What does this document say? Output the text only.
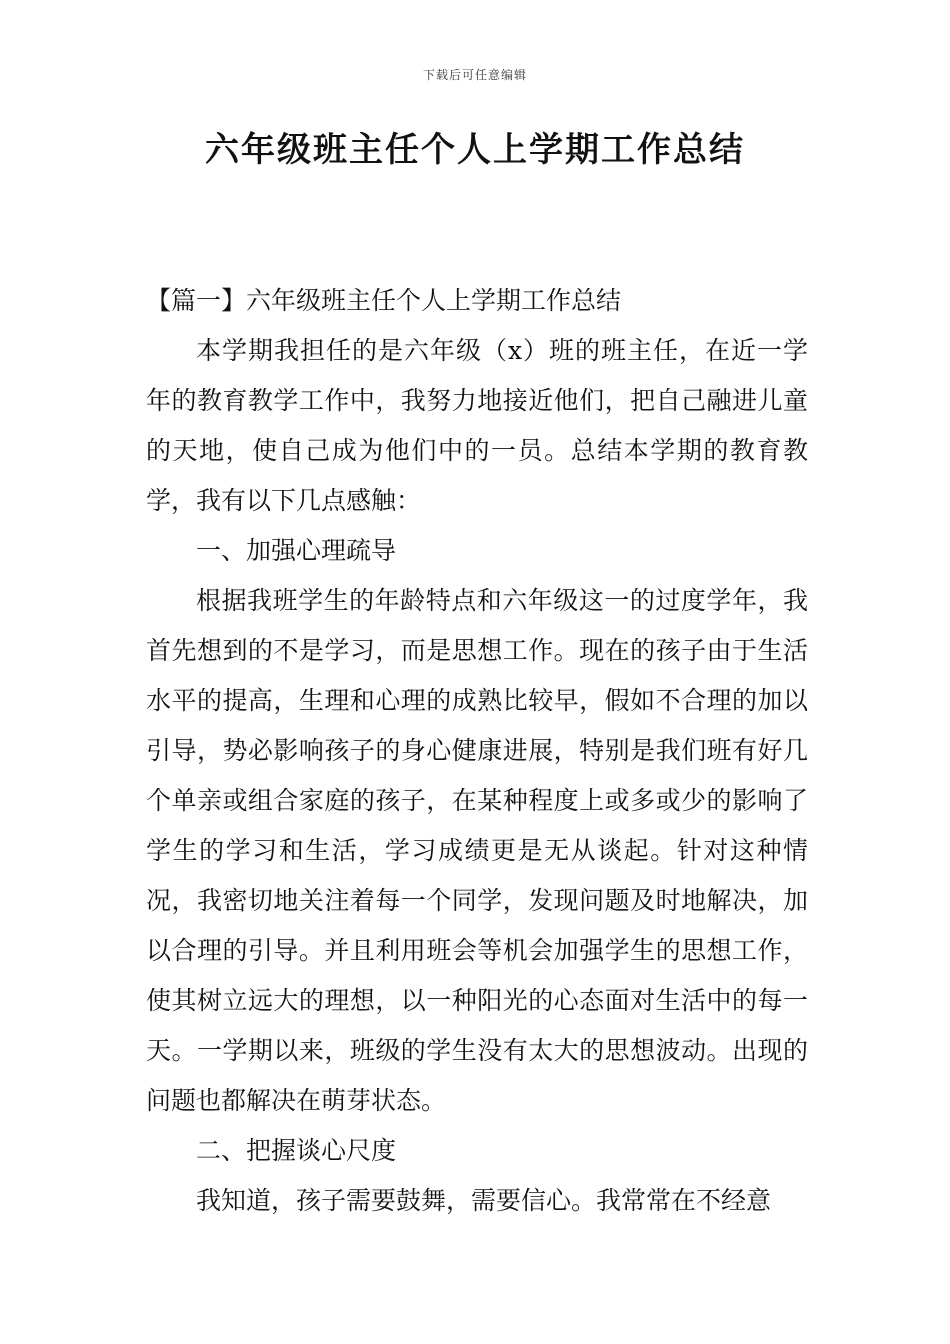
下载后可任意编辑
六年级班主任个人上学期工作总结

【篇一】六年级班主任个人上学期工作总结

本学期我担任的是六年级（x）班的班主任，在近一学年的教育教学工作中，我努力地接近他们，把自己融进儿童的天地，使自己成为他们中的一员。总结本学期的教育教学，我有以下几点感触：

一、加强心理疏导

根据我班学生的年龄特点和六年级这一的过度学年，我首先想到的不是学习，而是思想工作。现在的孩子由于生活水平的提高，生理和心理的成熟比较早，假如不合理的加以引导，势必影响孩子的身心健康进展，特别是我们班有好几个单亲或组合家庭的孩子，在某种程度上或多或少的影响了学生的学习和生活，学习成绩更是无从谈起。针对这种情况，我密切地关注着每一个同学，发现问题及时地解决，加以合理的引导。并且利用班会等机会加强学生的思想工作，使其树立远大的理想，以一种阳光的心态面对生活中的每一天。一学期以来，班级的学生没有太大的思想波动。出现的问题也都解决在萌芽状态。

二、把握谈心尺度

我知道，孩子需要鼓舞，需要信心。我常常在不经意
